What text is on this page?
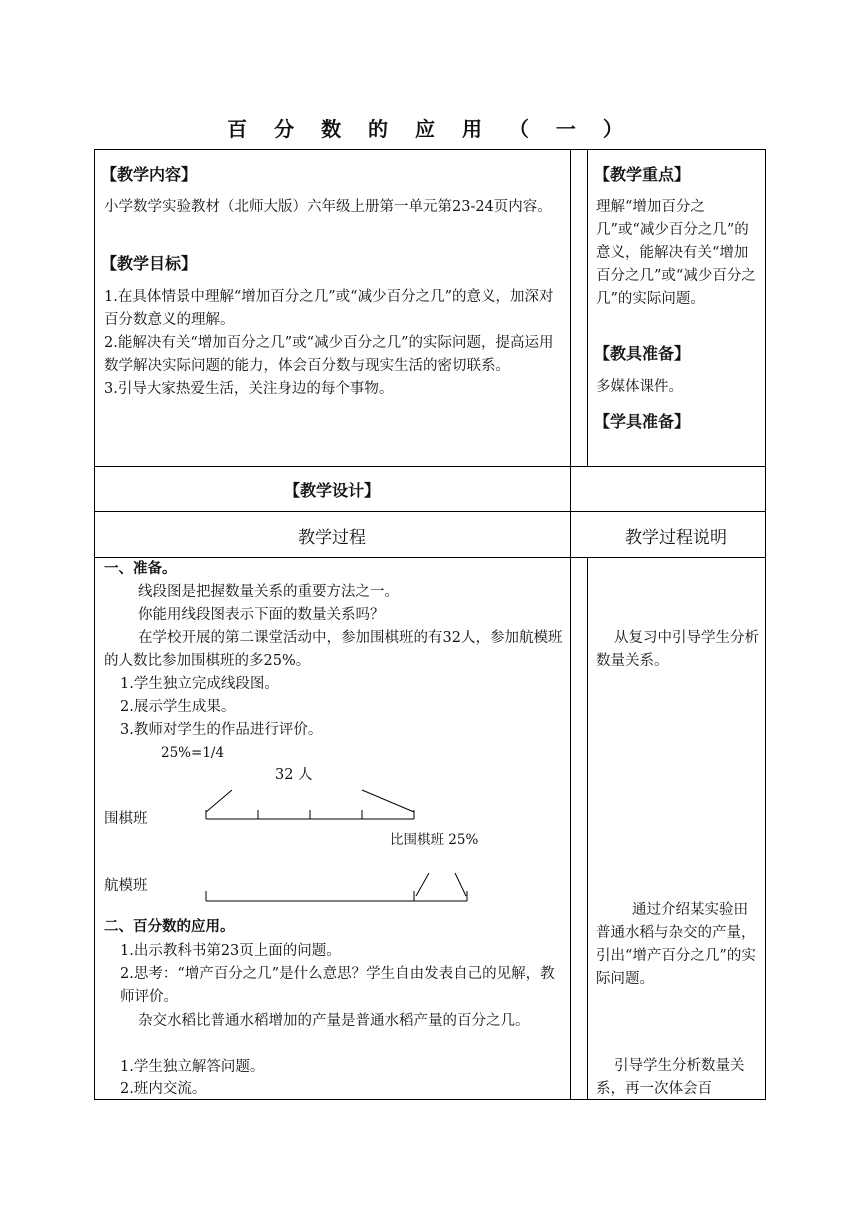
百 分 数 的 应 用 （ 一 ）
【教学内容】
小学数学实验教材（北师大版）六年级上册第一单元第23-24页内容。
【教学目标】

1.在具体情景中理解“增加百分之几”或“减少百分之几”的意义，加深对百分数意义的理解。

2.能解决有关“增加百分之几”或“减少百分之几”的实际问题，提高运用数学解决实际问题的能力，体会百分数与现实生活的密切联系。

3.引导大家热爱生活，关注身边的每个事物。

【教学重点】
理解“增加百分之几”或“减少百分之几”的意义，能解决有关“增加百分之几”或“减少百分之几”的实际问题。
【教具准备】
多媒体课件。
【学具准备】
【教学设计】
教学过程	教学过程说明
一、准备。
线段图是把握数量关系的重要方法之一。
你能用线段图表示下面的数量关系吗？
在学校开展的第二课堂活动中，参加围棋班的有32人，参加航模班的人数比参加围棋班的多25%。
1.学生独立完成线段图。
2.展示学生成果。
3.教师对学生的作品进行评价。
25%=1/4
32 人
围棋班
比围棋班 25%
航模班
二、百分数的应用。
1.出示教科书第23页上面的问题。
2.思考：“增产百分之几”是什么意思？学生自由发表自己的见解，教师评价。
杂交水稻比普通水稻增加的产量是普通水稻产量的百分之几。
1.学生独立解答问题。
2.班内交流。
从复习中引导学生分析数量关系。
通过介绍某实验田普通水稻与杂交的产量，引出“增产百分之几”的实际问题。
引导学生分析数量关系，再一次体会百
